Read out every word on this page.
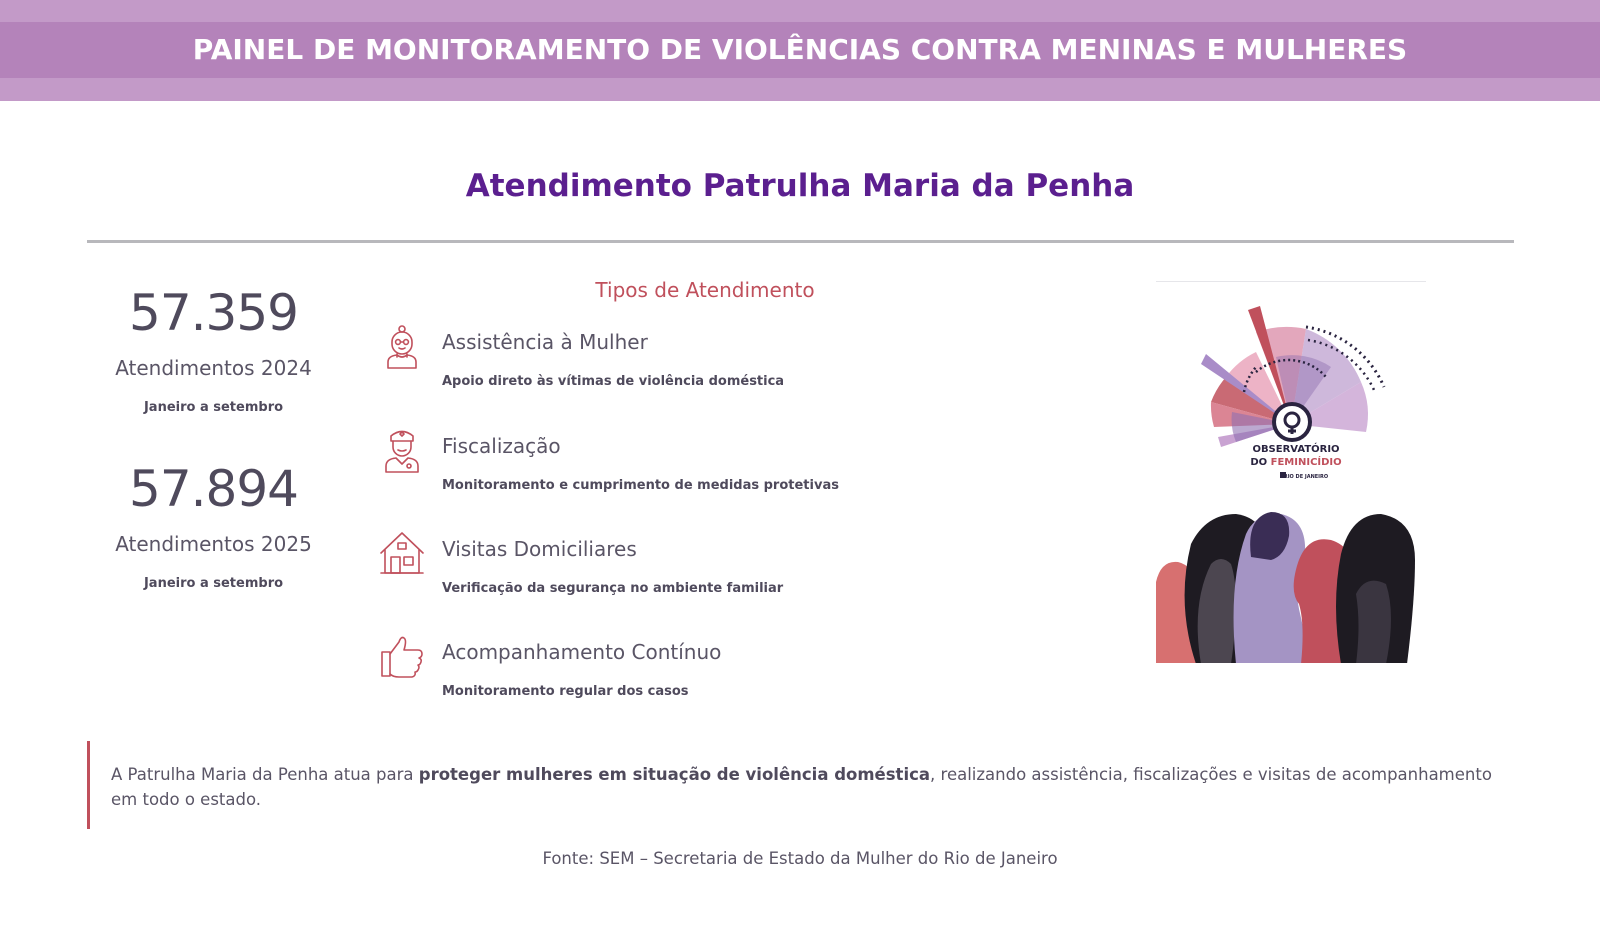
PAINEL DE MONITORAMENTO DE VIOLÊNCIAS CONTRA MENINAS E MULHERES
Atendimento Patrulha Maria da Penha
57.359
Atendimentos 2024
Janeiro a setembro
57.894
Atendimentos 2025
Janeiro a setembro
Tipos de Atendimento
Assistência à Mulher
Apoio direto às vítimas de violência doméstica
Fiscalização
Monitoramento e cumprimento de medidas protetivas
Visitas Domiciliares
Verificação da segurança no ambiente familiar
Acompanhamento Contínuo
Monitoramento regular dos casos
OBSERVATÓRIO
DO FEMINICÍDIO
RIO DE JANEIRO
A Patrulha Maria da Penha atua para proteger mulheres em situação de violência doméstica, realizando assistência, fiscalizações e visitas de acompanhamento em todo o estado.
Fonte: SEM – Secretaria de Estado da Mulher do Rio de Janeiro
